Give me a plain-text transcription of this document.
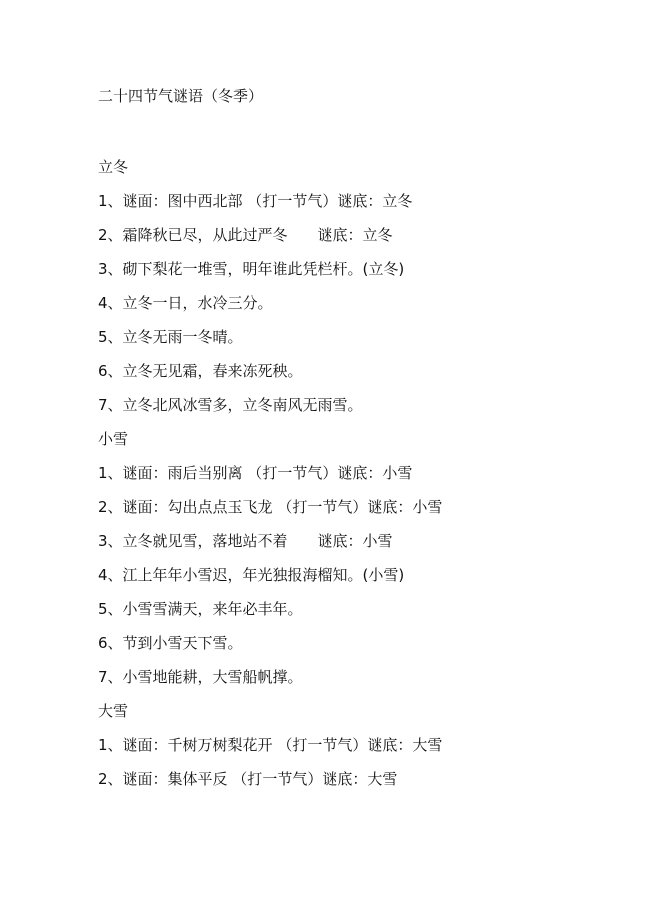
二十四节气谜语（冬季）
立冬
1、谜面：图中西北部 （打一节气）谜底：立冬
2、霜降秋已尽，从此过严冬　　谜底：立冬
3、砌下梨花一堆雪，明年谁此凭栏杆。(立冬)
4、立冬一日，水冷三分。
5、立冬无雨一冬晴。
6、立冬无见霜，春来冻死秧。
7、立冬北风冰雪多，立冬南风无雨雪。
小雪
1、谜面：雨后当别离 （打一节气）谜底：小雪
2、谜面：勾出点点玉飞龙 （打一节气）谜底：小雪
3、立冬就见雪，落地站不着　　谜底：小雪
4、江上年年小雪迟，年光独报海榴知。(小雪)
5、小雪雪满天，来年必丰年。
6、节到小雪天下雪。
7、小雪地能耕，大雪船帆撑。
大雪
1、谜面：千树万树梨花开 （打一节气）谜底：大雪
2、谜面：集体平反 （打一节气）谜底：大雪
